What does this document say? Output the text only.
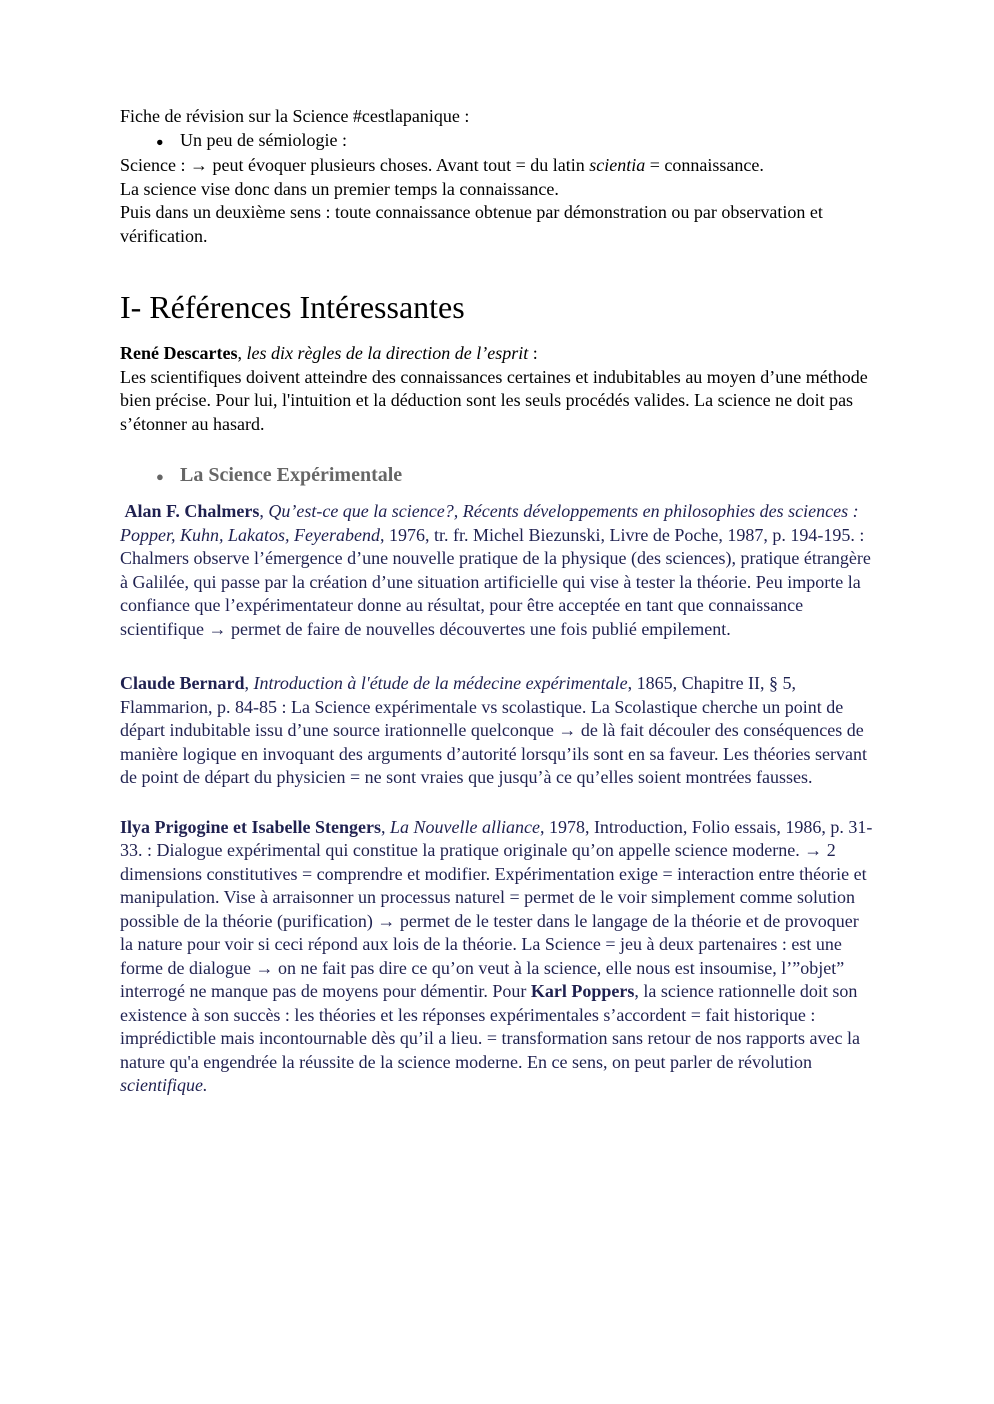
Fiche de révision sur la Science #cestlapanique :

● Un peu de sémiologie :

Science : → peut évoquer plusieurs choses. Avant tout = du latin scientia = connaissance.

La science vise donc dans un premier temps la connaissance.

Puis dans un deuxième sens : toute connaissance obtenue par démonstration ou par observation et vérification.

I- Références Intéressantes

René Descartes, les dix règles de la direction de l’esprit :

Les scientifiques doivent atteindre des connaissances certaines et indubitables au moyen d’une méthode bien précise. Pour lui, l'intuition et la déduction sont les seuls procédés valides. La science ne doit pas s’étonner au hasard.

● La Science Expérimentale

Alan F. Chalmers, Qu’est-ce que la science?, Récents développements en philosophies des sciences : Popper, Kuhn, Lakatos, Feyerabend, 1976, tr. fr. Michel Biezunski, Livre de Poche, 1987, p. 194-195. : Chalmers observe l’émergence d’une nouvelle pratique de la physique (des sciences), pratique étrangère à Galilée, qui passe par la création d’une situation artificielle qui vise à tester la théorie. Peu importe la confiance que l’expérimentateur donne au résultat, pour être acceptée en tant que connaissance scientifique → permet de faire de nouvelles découvertes une fois publié empilement.

Claude Bernard, Introduction à l'étude de la médecine expérimentale, 1865, Chapitre II, § 5, Flammarion, p. 84-85 : La Science expérimentale vs scolastique. La Scolastique cherche un point de départ indubitable issu d’une source irationnelle quelconque → de là fait découler des conséquences de manière logique en invoquant des arguments d’autorité lorsqu’ils sont en sa faveur. Les théories servant de point de départ du physicien = ne sont vraies que jusqu’à ce qu’elles soient montrées fausses.

Ilya Prigogine et Isabelle Stengers, La Nouvelle alliance, 1978, Introduction, Folio essais, 1986, p. 31-33. : Dialogue expérimental qui constitue la pratique originale qu’on appelle science moderne. → 2 dimensions constitutives = comprendre et modifier. Expérimentation exige = interaction entre théorie et manipulation. Vise à arraisonner un processus naturel = permet de le voir simplement comme solution possible de la théorie (purification) → permet de le tester dans le langage de la théorie et de provoquer la nature pour voir si ceci répond aux lois de la théorie. La Science = jeu à deux partenaires : est une forme de dialogue → on ne fait pas dire ce qu’on veut à la science, elle nous est insoumise, l’”objet” interrogé ne manque pas de moyens pour démentir. Pour Karl Poppers, la science rationnelle doit son existence à son succès : les théories et les réponses expérimentales s’accordent = fait historique : imprédictible mais incontournable dès qu’il a lieu. = transformation sans retour de nos rapports avec la nature qu'a engendrée la réussite de la science moderne. En ce sens, on peut parler de révolution scientifique.
